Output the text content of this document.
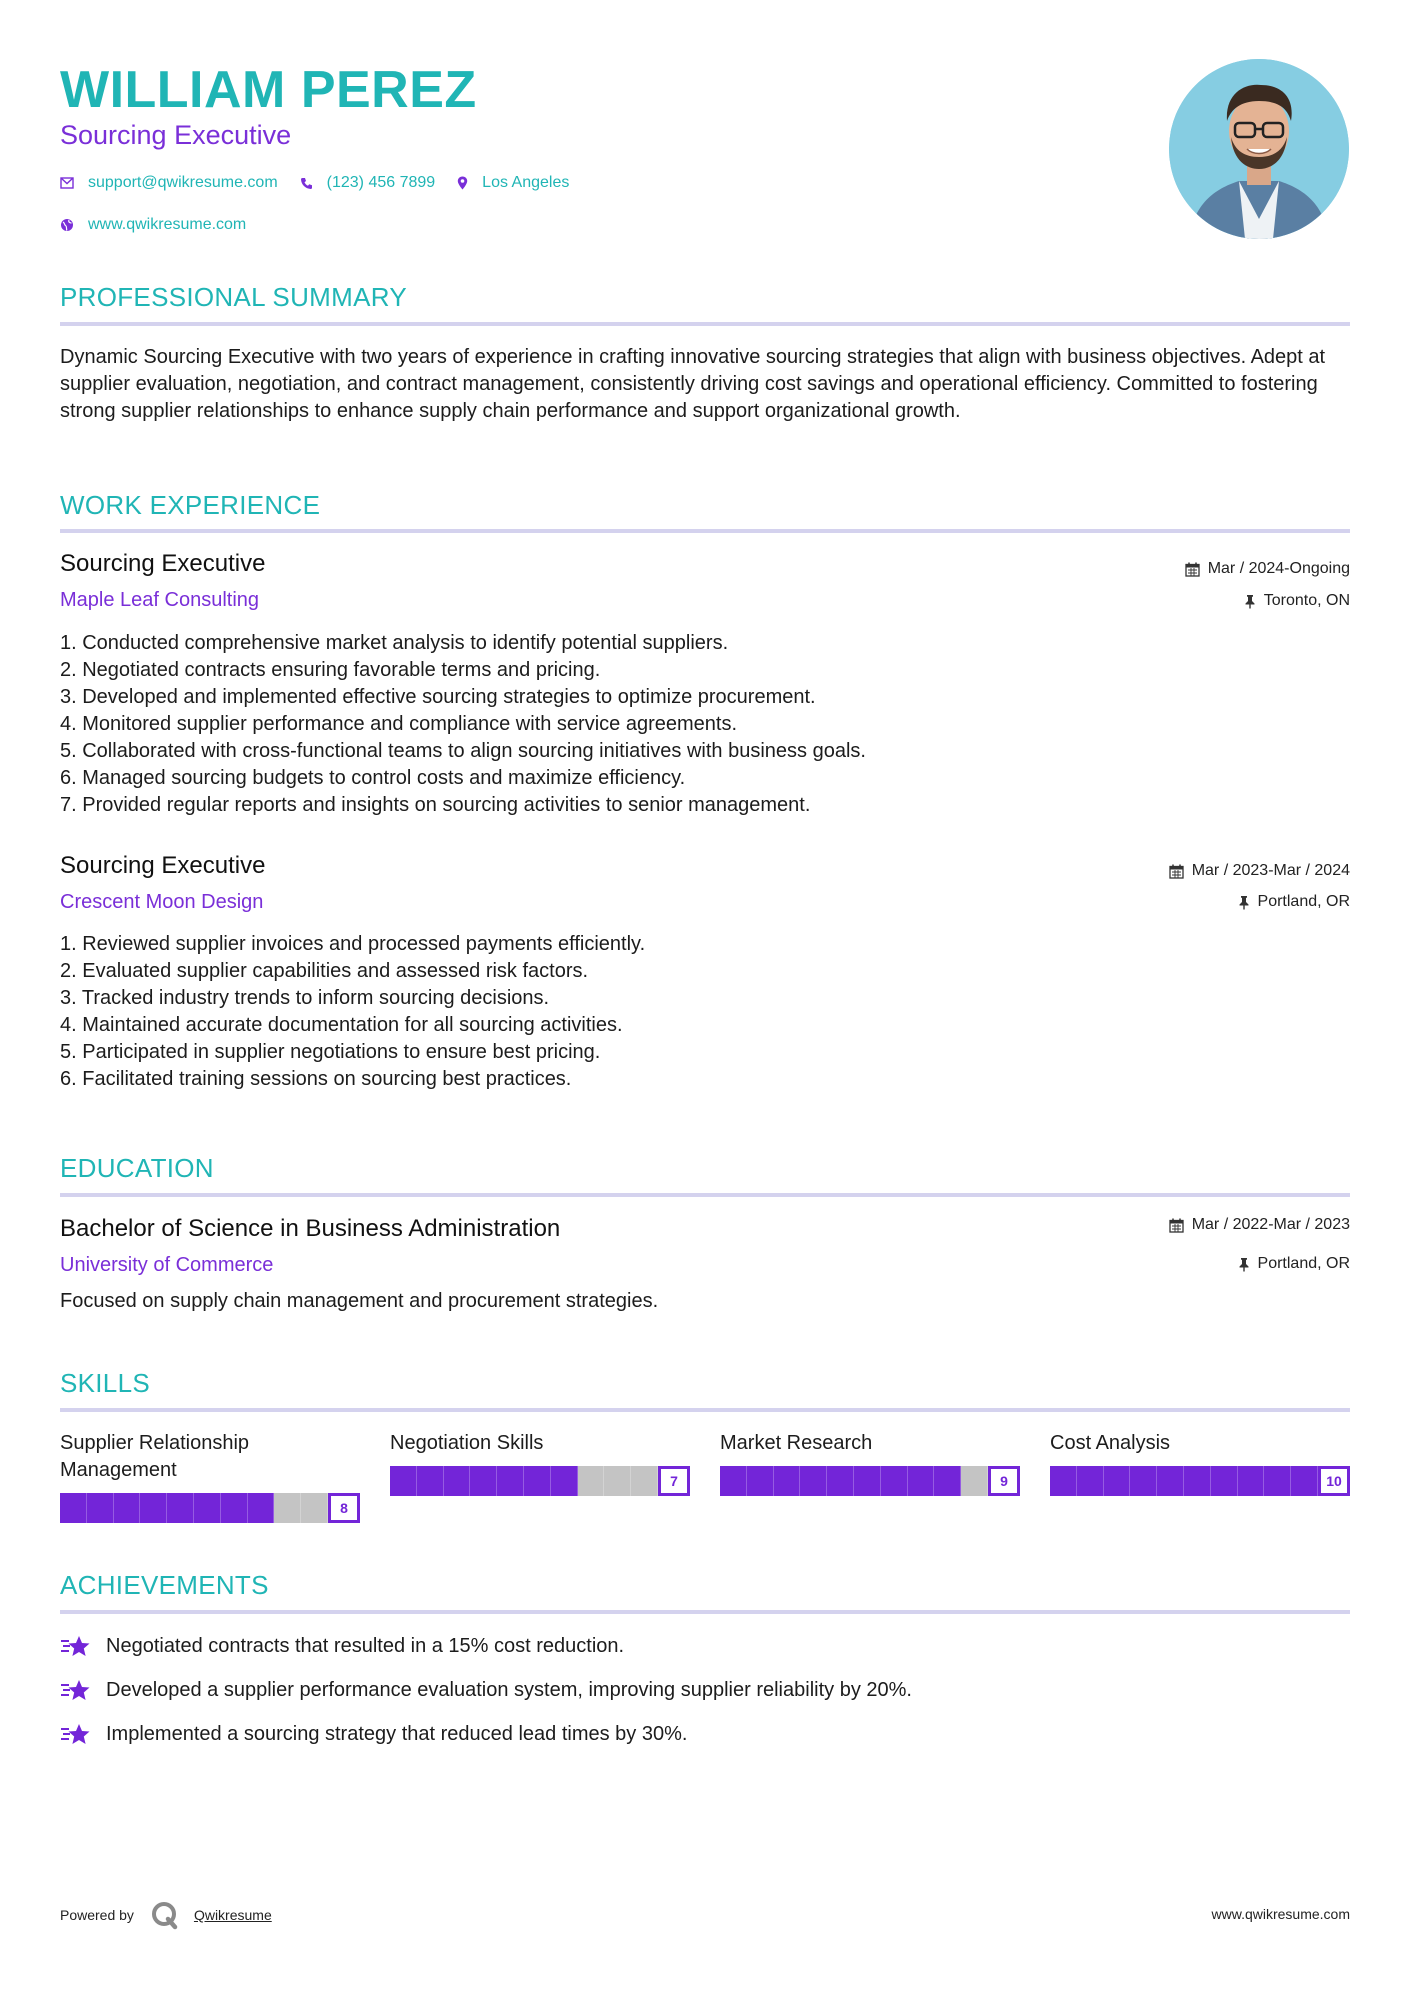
WILLIAM PEREZ
Sourcing Executive
support@qwikresume.com	(123) 456 7899	Los Angeles
www.qwikresume.com
PROFESSIONAL SUMMARY
Dynamic Sourcing Executive with two years of experience in crafting innovative sourcing strategies that align with business objectives. Adept at supplier evaluation, negotiation, and contract management, consistently driving cost savings and operational efficiency. Committed to fostering strong supplier relationships to enhance supply chain performance and support organizational growth.
WORK EXPERIENCE
Sourcing Executive
Maple Leaf Consulting
Mar / 2024-Ongoing
Toronto, ON
1. Conducted comprehensive market analysis to identify potential suppliers.
2. Negotiated contracts ensuring favorable terms and pricing.
3. Developed and implemented effective sourcing strategies to optimize procurement.
4. Monitored supplier performance and compliance with service agreements.
5. Collaborated with cross-functional teams to align sourcing initiatives with business goals.
6. Managed sourcing budgets to control costs and maximize efficiency.
7. Provided regular reports and insights on sourcing activities to senior management.
Sourcing Executive
Crescent Moon Design
Mar / 2023-Mar / 2024
Portland, OR
1. Reviewed supplier invoices and processed payments efficiently.
2. Evaluated supplier capabilities and assessed risk factors.
3. Tracked industry trends to inform sourcing decisions.
4. Maintained accurate documentation for all sourcing activities.
5. Participated in supplier negotiations to ensure best pricing.
6. Facilitated training sessions on sourcing best practices.
EDUCATION
Bachelor of Science in Business Administration
University of Commerce
Mar / 2022-Mar / 2023
Portland, OR
Focused on supply chain management and procurement strategies.
SKILLS
Supplier Relationship Management
8
Negotiation Skills
7
Market Research
9
Cost Analysis
10
ACHIEVEMENTS
Negotiated contracts that resulted in a 15% cost reduction.
Developed a supplier performance evaluation system, improving supplier reliability by 20%.
Implemented a sourcing strategy that reduced lead times by 30%.
Powered by	Qwikresume	www.qwikresume.com
